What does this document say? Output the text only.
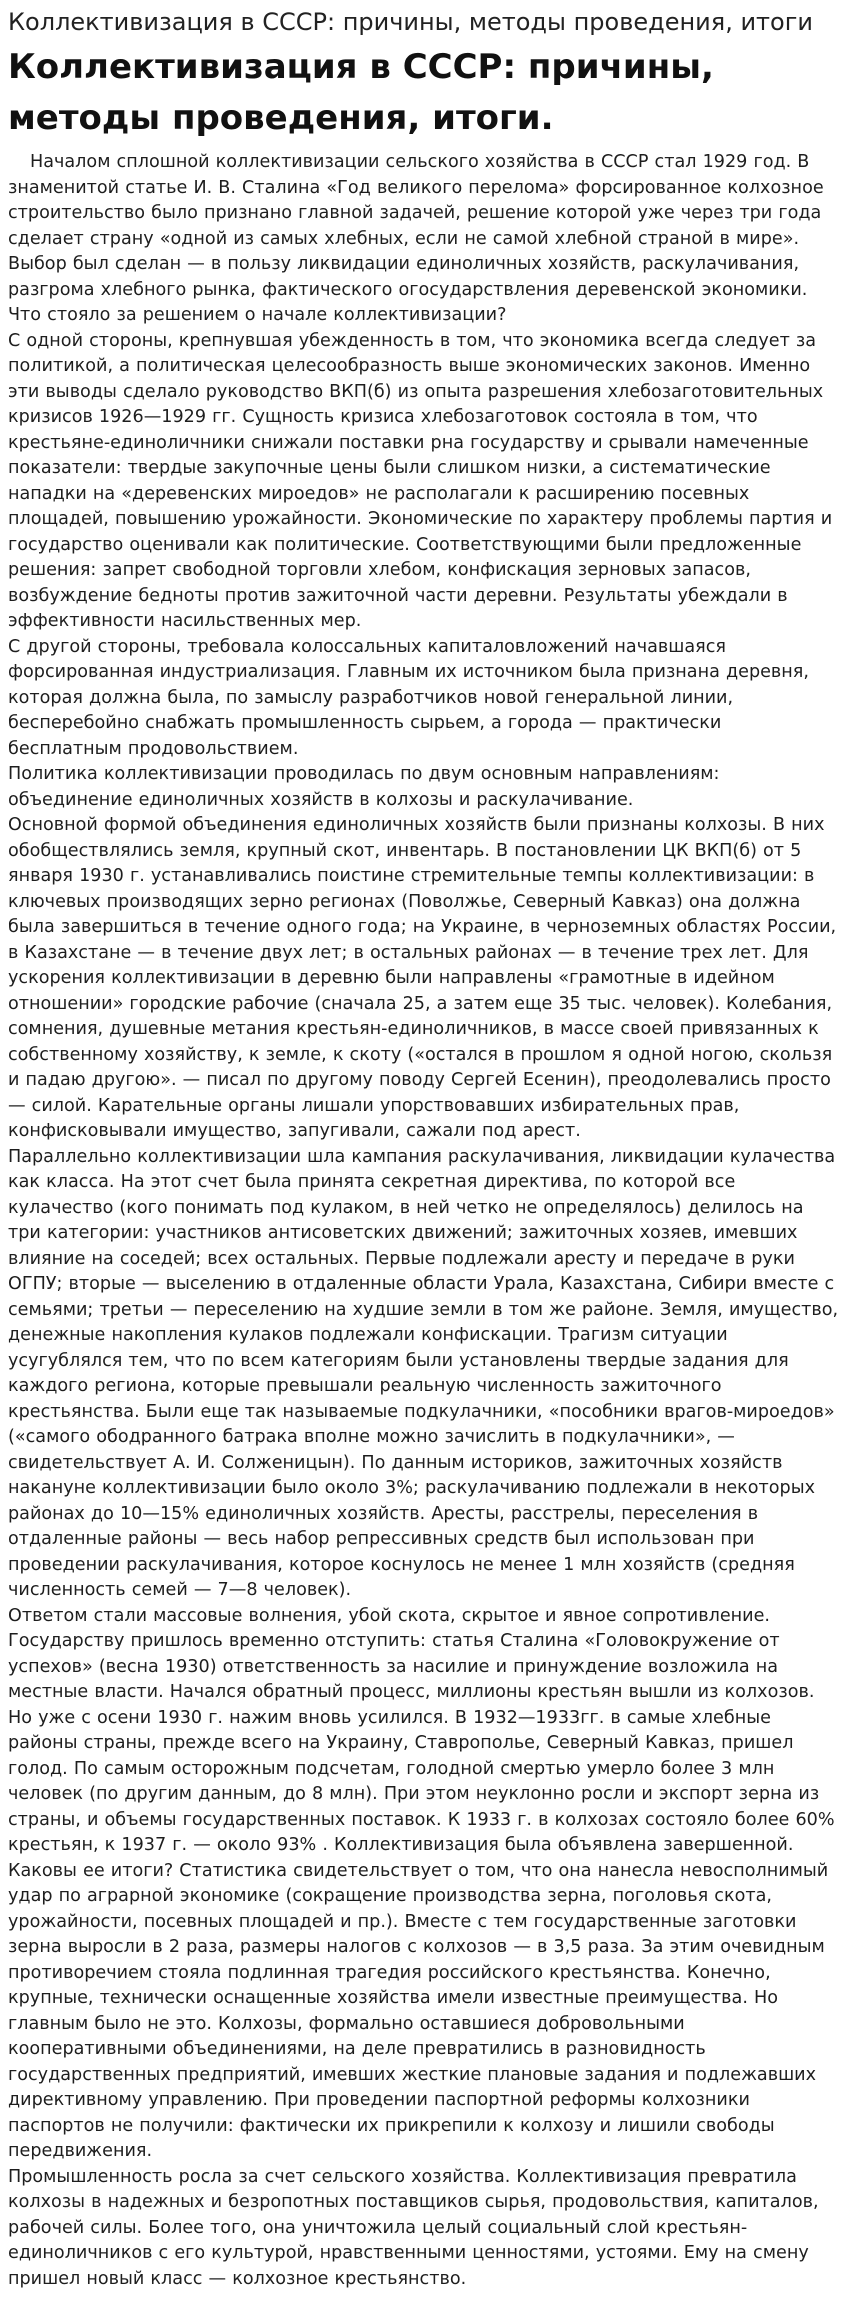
Коллективизация в СССР: причины, методы проведения, итоги
Коллективизация в СССР: причины, методы проведения, итоги.

Началом сплошной коллективизации сельского хозяйства в СССР стал 1929 год. В знаменитой статье И. В. Сталина «Год великого перелома» форсированное колхозное строительство было признано главной задачей, решение которой уже через три года сделает страну «одной из самых хлебных, если не самой хлебной страной в мире». Выбор был сделан — в пользу ликвидации единоличных хозяйств, раскулачивания, разгрома хлебного рынка, фактического огосударствления деревенской экономики. Что стояло за решением о начале коллективизации?

С одной стороны, крепнувшая убежденность в том, что экономика всегда следует за политикой, а политическая целесообразность выше экономических законов. Именно эти выводы сделало руководство ВКП(б) из опыта разрешения хлебозаготовительных кризисов 1926—1929 гг. Сущность кризиса хлебозаготовок состояла в том, что крестьяне-единоличники снижали поставки рна государству и срывали намеченные показатели: твердые закупочные цены были слишком низки, а систематические нападки на «деревенских мироедов» не располагали к расширению посевных площадей, повышению урожайности. Экономические по характеру проблемы партия и государство оценивали как политические. Соответствующими были предложенные решения: запрет свободной торговли хлебом, конфискация зерновых запасов, возбуждение бедноты против зажиточной части деревни. Результаты убеждали в эффективности насильственных мер.

С другой стороны, требовала колоссальных капиталовложений начавшаяся форсированная индустриализация. Главным их источником была признана деревня, которая должна была, по замыслу разработчиков новой генеральной линии, бесперебойно снабжать промышленность сырьем, а города — практически бесплатным продовольствием.

Политика коллективизации проводилась по двум основным направлениям: объединение единоличных хозяйств в колхозы и раскулачивание.

Основной формой объединения единоличных хозяйств были признаны колхозы. В них обобществлялись земля, крупный скот, инвентарь. В постановлении ЦК ВКП(б) от 5 января 1930 г. устанавливались поистине стремительные темпы коллективизации: в ключевых производящих зерно регионах (Поволжье, Северный Кавказ) она должна была завершиться в течение одного года; на Украине, в черноземных областях России, в Казахстане — в течение двух лет; в остальных районах — в течение трех лет. Для ускорения коллективизации в деревню были направлены «грамотные в идейном отношении» городские рабочие (сначала 25, а затем еще 35 тыс. человек). Колебания, сомнения, душевные метания крестьян-единоличников, в массе своей привязанных к собственному хозяйству, к земле, к скоту («остался в прошлом я одной ногою, скользя и падаю другою». — писал по другому поводу Сергей Есенин), преодолевались просто — силой. Карательные органы лишали упорствовавших избирательных прав, конфисковывали имущество, запугивали, сажали под арест.

Параллельно коллективизации шла кампания раскулачивания, ликвидации кулачества как класса. На этот счет была принята секретная директива, по которой все кулачество (кого понимать под кулаком, в ней четко не определялось) делилось на три категории: участников антисоветских движений; зажиточных хозяев, имевших влияние на соседей; всех остальных. Первые подлежали аресту и передаче в руки ОГПУ; вторые — выселению в отдаленные области Урала, Казахстана, Сибири вместе с семьями; третьи — переселению на худшие земли в том же районе. Земля, имущество, денежные накопления кулаков подлежали конфискации. Трагизм ситуации усугублялся тем, что по всем категориям были установлены твердые задания для каждого региона, которые превышали реальную численность зажиточного крестьянства. Были еще так называемые подкулачники, «пособники врагов-мироедов» («самого ободранного батрака вполне можно зачислить в подкулачники», — свидетельствует А. И. Солженицын). По данным историков, зажиточных хозяйств накануне коллективизации было около 3%; раскулачиванию подлежали в некоторых районах до 10—15% единоличных хозяйств. Аресты, расстрелы, переселения в отдаленные районы — весь набор репрессивных средств был использован при проведении раскулачивания, которое коснулось не менее 1 млн хозяйств (средняя численность семей — 7—8 человек).

Ответом стали массовые волнения, убой скота, скрытое и явное сопротивление. Государству пришлось временно отступить: статья Сталина «Головокружение от успехов» (весна 1930) ответственность за насилие и принуждение возложила на местные власти. Начался обратный процесс, миллионы крестьян вышли из колхозов. Но уже с осени 1930 г. нажим вновь усилился. В 1932—1933гг. в самые хлебные районы страны, прежде всего на Украину, Ставрополье, Северный Кавказ, пришел голод. По самым осторожным подсчетам, голодной смертью умерло более 3 млн человек (по другим данным, до 8 млн). При этом неуклонно росли и экспорт зерна из страны, и объемы государственных поставок. К 1933 г. в колхозах состояло более 60% крестьян, к 1937 г. — около 93% . Коллективизация была объявлена завершенной.

Каковы ее итоги? Статистика свидетельствует о том, что она нанесла невосполнимый удар по аграрной экономике (сокращение производства зерна, поголовья скота, урожайности, посевных площадей и пр.). Вместе с тем государственные заготовки зерна выросли в 2 раза, размеры налогов с колхозов — в 3,5 раза. За этим очевидным противоречием стояла подлинная трагедия российского крестьянства. Конечно, крупные, технически оснащенные хозяйства имели известные преимущества. Но главным было не это. Колхозы, формально оставшиеся добровольными кооперативными объединениями, на деле превратились в разновидность государственных предприятий, имевших жесткие плановые задания и подлежавших директивному управлению. При проведении паспортной реформы колхозники паспортов не получили: фактически их прикрепили к колхозу и лишили свободы передвижения.

Промышленность росла за счет сельского хозяйства. Коллективизация превратила колхозы в надежных и безропотных поставщиков сырья, продовольствия, капиталов, рабочей силы. Более того, она уничтожила целый социальный слой крестьян-единоличников с его культурой, нравственными ценностями, устоями. Ему на смену пришел новый класс — колхозное крестьянство.
